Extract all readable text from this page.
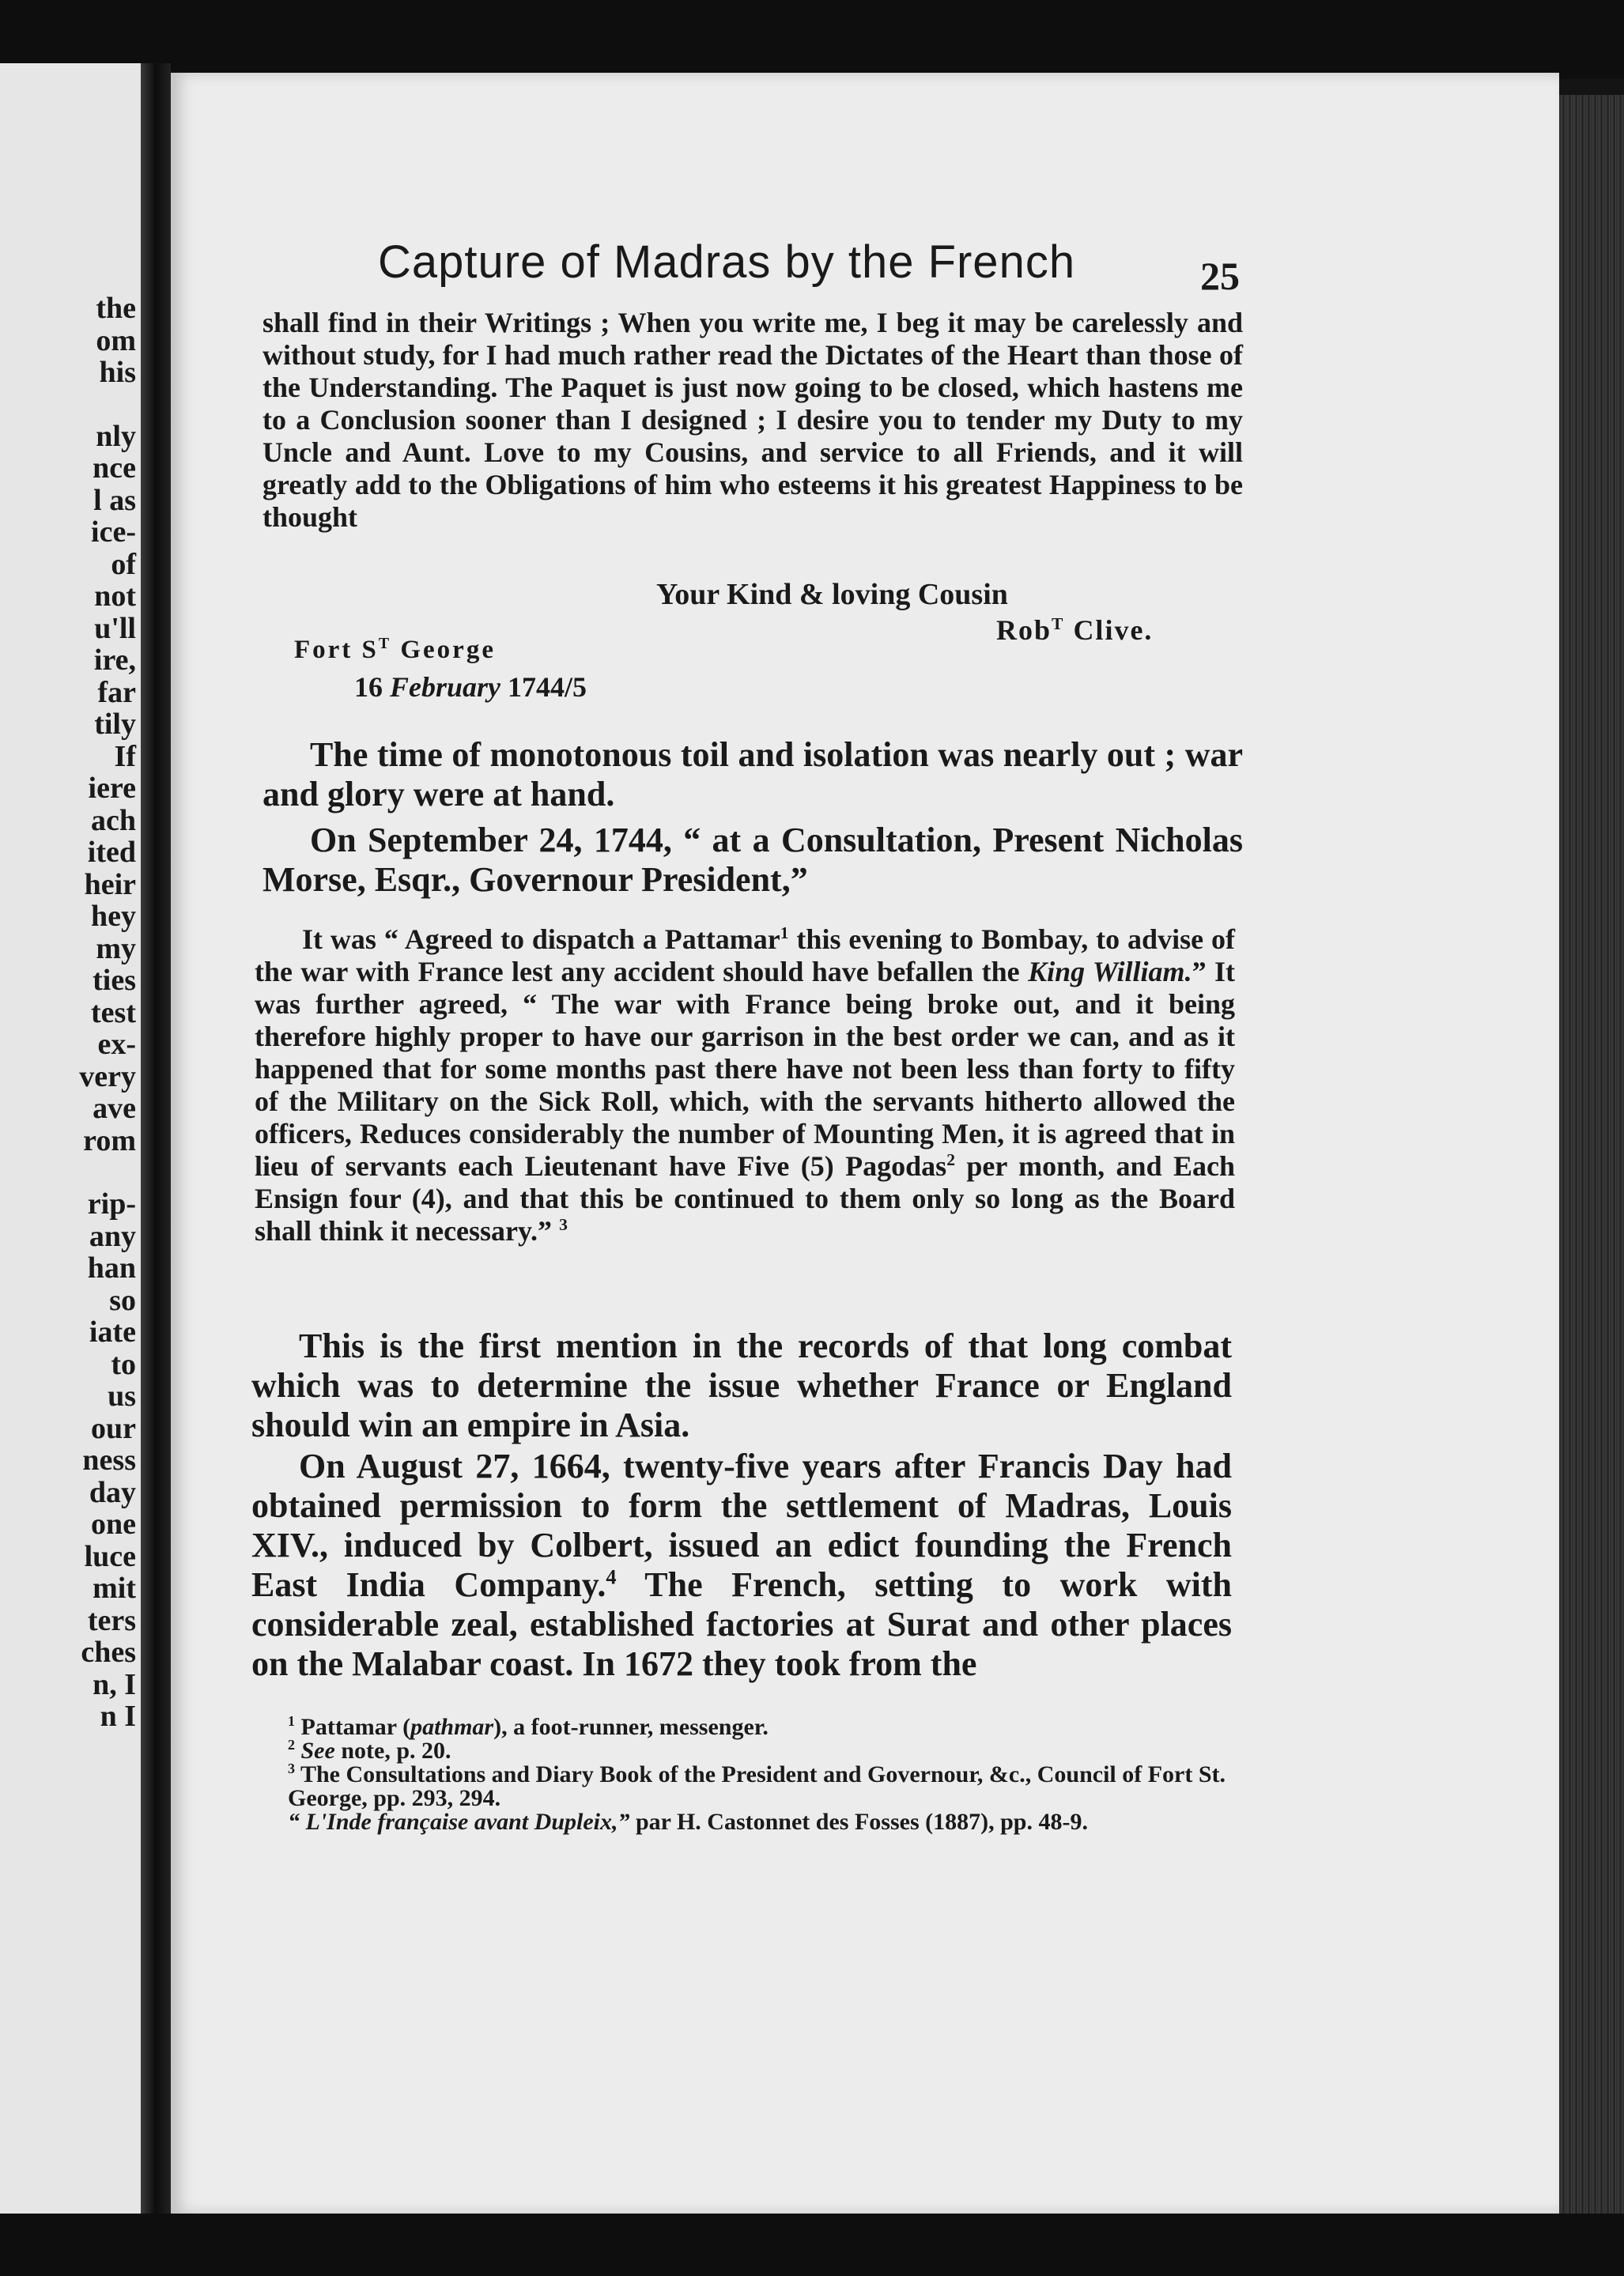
the
om
his
nly
nce
l as
ice-
of
not
u'll
ire,
far
tily
If
iere
ach
ited
heir
hey
my
ties
test
ex-
very
ave
rom
rip-
any
han
so
iate
to
us
our
ness
day
one
luce
mit
ters
ches
n, I
n I
Capture of Madras by the French	25

shall find in their Writings ; When you write me, I beg it may be carelessly and without study, for I had much rather read the Dictates of the Heart than those of the Understanding. The Paquet is just now going to be closed, which hastens me to a Conclusion sooner than I designed ; I desire you to tender my Duty to my Uncle and Aunt. Love to my Cousins, and service to all Friends, and it will greatly add to the Obligations of him who esteems it his greatest Happiness to be thought

Your Kind & loving Cousin
Rob$^T$ Clive.
Fort $S^T$ George
16 February 1744/5

The time of monotonous toil and isolation was nearly out ; war and glory were at hand.

On September 24, 1744, “ at a Consultation, Present Nicholas Morse, Esqr., Governour President,”

It was “ Agreed to dispatch a Pattamar$^1$ this evening to Bombay, to advise of the war with France lest any accident should have befallen the King William.” It was further agreed, “ The war with France being broke out, and it being therefore highly proper to have our garrison in the best order we can, and as it happened that for some months past there have not been less than forty to fifty of the Military on the Sick Roll, which, with the servants hitherto allowed the officers, Reduces considerably the number of Mounting Men, it is agreed that in lieu of servants each Lieutenant have Five (5) Pagodas$^2$ per month, and Each Ensign four (4), and that this be continued to them only so long as the Board shall think it necessary.” $^3$

This is the first mention in the records of that long combat which was to determine the issue whether France or England should win an empire in Asia.

On August 27, 1664, twenty-five years after Francis Day had obtained permission to form the settlement of Madras, Louis XIV., induced by Colbert, issued an edict founding the French East India Company.$^4$ The French, setting to work with considerable zeal, established factories at Surat and other places on the Malabar coast. In 1672 they took from the

$^1$ Pattamar (pathmar), a foot-runner, messenger.
$^2$ See note, p. 20.
$^3$ The Consultations and Diary Book of the President and Governour, &c., Council of Fort St. George, pp. 293, 294.
“ L'Inde française avant Dupleix,” par H. Castonnet des Fosses (1887), pp. 48-9.
